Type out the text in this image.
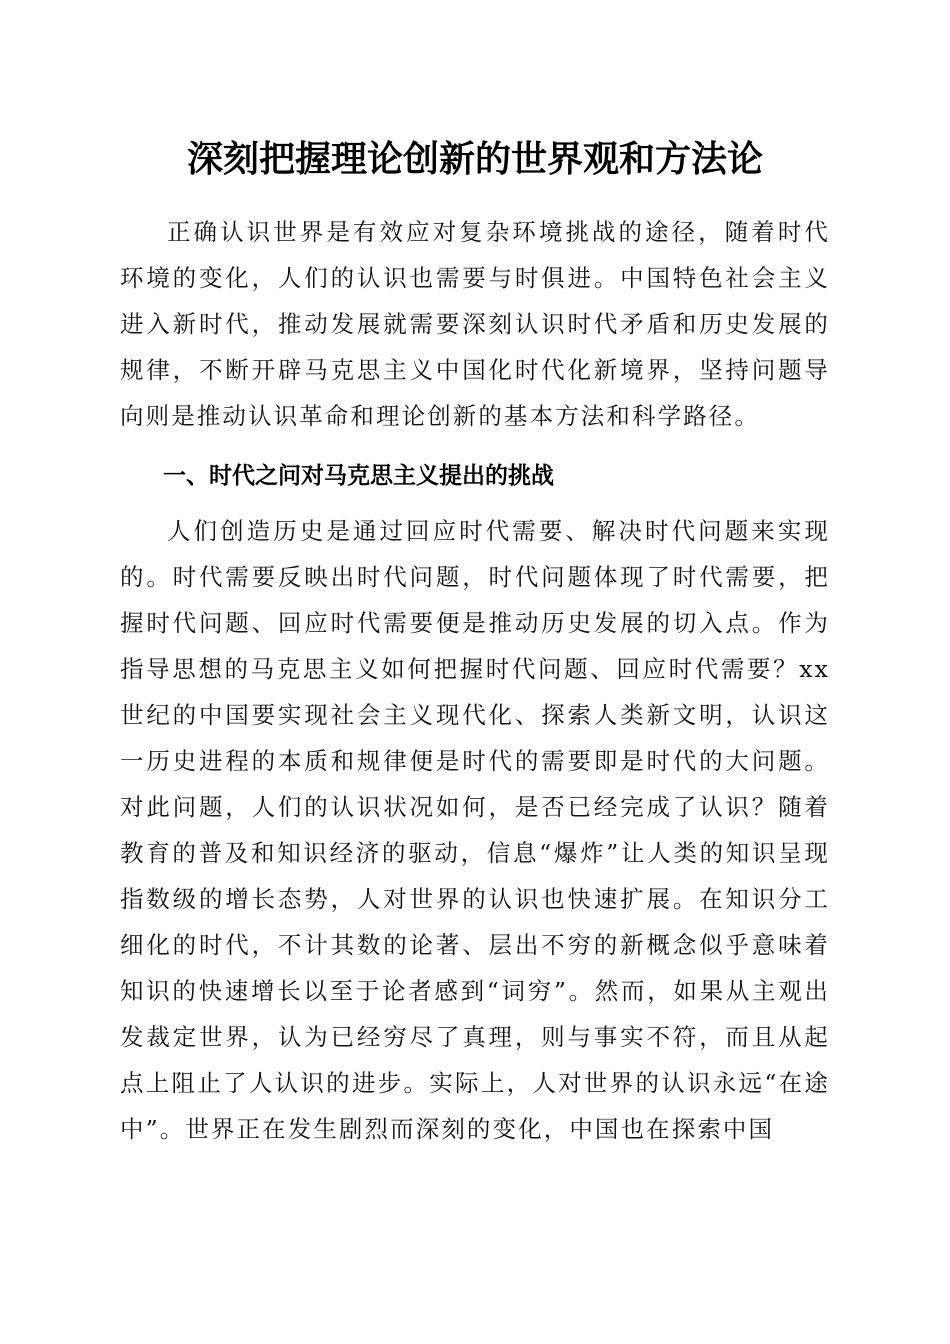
深刻把握理论创新的世界观和方法论

正确认识世界是有效应对复杂环境挑战的途径，随着时代环境的变化，人们的认识也需要与时俱进。中国特色社会主义进入新时代，推动发展就需要深刻认识时代矛盾和历史发展的规律，不断开辟马克思主义中国化时代化新境界，坚持问题导向则是推动认识革命和理论创新的基本方法和科学路径。

一、时代之问对马克思主义提出的挑战

人们创造历史是通过回应时代需要、解决时代问题来实现的。时代需要反映出时代问题，时代问题体现了时代需要，把握时代问题、回应时代需要便是推动历史发展的切入点。作为指导思想的马克思主义如何把握时代问题、回应时代需要？xx世纪的中国要实现社会主义现代化、探索人类新文明，认识这一历史进程的本质和规律便是时代的需要即是时代的大问题。对此问题，人们的认识状况如何，是否已经完成了认识？随着教育的普及和知识经济的驱动，信息“爆炸”让人类的知识呈现指数级的增长态势，人对世界的认识也快速扩展。在知识分工细化的时代，不计其数的论著、层出不穷的新概念似乎意味着知识的快速增长以至于论者感到“词穷”。然而，如果从主观出发裁定世界，认为已经穷尽了真理，则与事实不符，而且从起点上阻止了人认识的进步。实际上，人对世界的认识永远“在途中”。世界正在发生剧烈而深刻的变化，中国也在探索中国
